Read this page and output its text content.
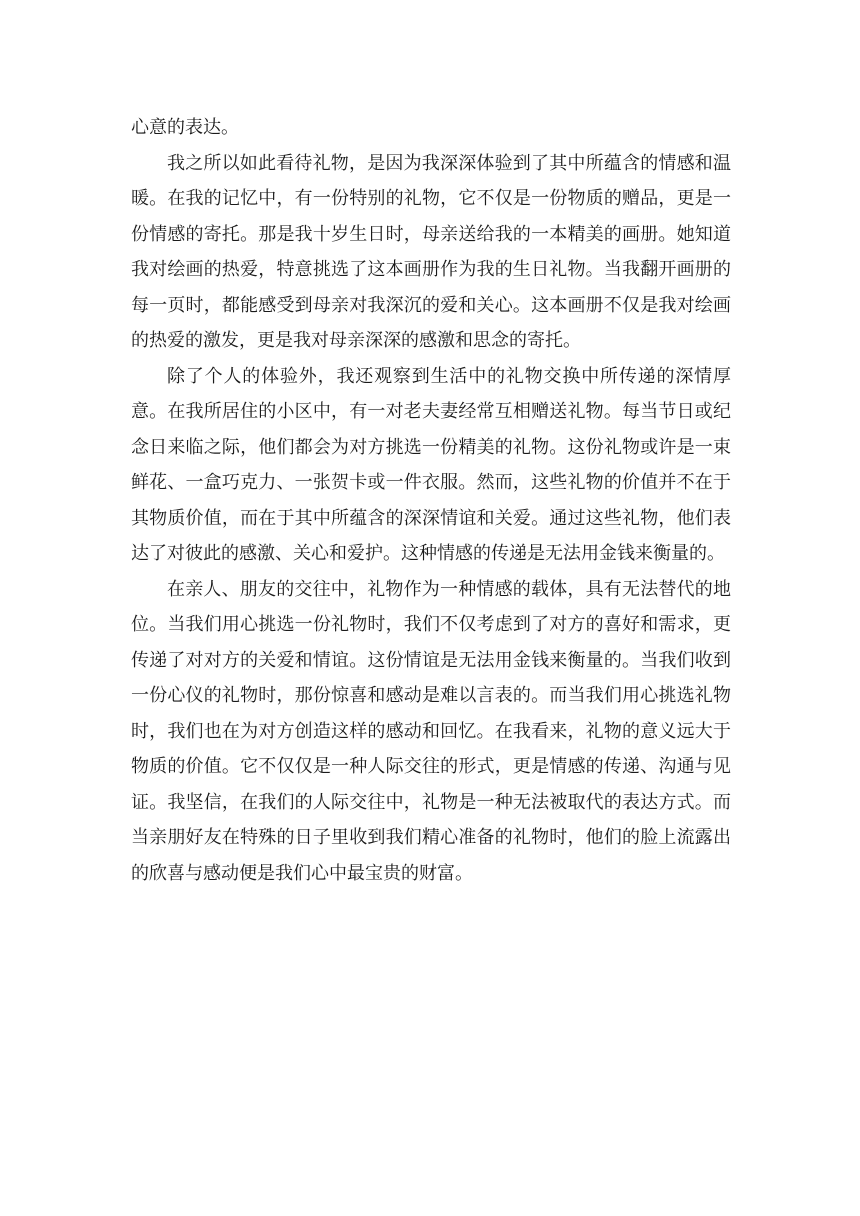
心意的表达。

我之所以如此看待礼物，是因为我深深体验到了其中所蕴含的情感和温暖。在我的记忆中，有一份特别的礼物，它不仅是一份物质的赠品，更是一份情感的寄托。那是我十岁生日时，母亲送给我的一本精美的画册。她知道我对绘画的热爱，特意挑选了这本画册作为我的生日礼物。当我翻开画册的每一页时，都能感受到母亲对我深沉的爱和关心。这本画册不仅是我对绘画的热爱的激发，更是我对母亲深深的感激和思念的寄托。

除了个人的体验外，我还观察到生活中的礼物交换中所传递的深情厚意。在我所居住的小区中，有一对老夫妻经常互相赠送礼物。每当节日或纪念日来临之际，他们都会为对方挑选一份精美的礼物。这份礼物或许是一束鲜花、一盒巧克力、一张贺卡或一件衣服。然而，这些礼物的价值并不在于其物质价值，而在于其中所蕴含的深深情谊和关爱。通过这些礼物，他们表达了对彼此的感激、关心和爱护。这种情感的传递是无法用金钱来衡量的。

在亲人、朋友的交往中，礼物作为一种情感的载体，具有无法替代的地位。当我们用心挑选一份礼物时，我们不仅考虑到了对方的喜好和需求，更传递了对对方的关爱和情谊。这份情谊是无法用金钱来衡量的。当我们收到一份心仪的礼物时，那份惊喜和感动是难以言表的。而当我们用心挑选礼物时，我们也在为对方创造这样的感动和回忆。在我看来，礼物的意义远大于物质的价值。它不仅仅是一种人际交往的形式，更是情感的传递、沟通与见证。我坚信，在我们的人际交往中，礼物是一种无法被取代的表达方式。而当亲朋好友在特殊的日子里收到我们精心准备的礼物时，他们的脸上流露出的欣喜与感动便是我们心中最宝贵的财富。
